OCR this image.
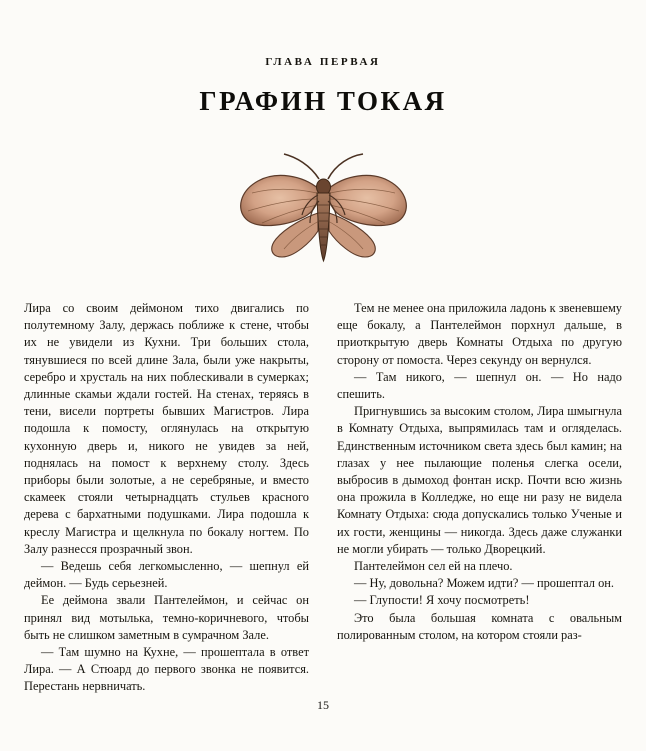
ГЛАВА ПЕРВАЯ
ГРАФИН ТОКАЯ

Лира со своим деймоном тихо двигались по полутемному Залу, держась поближе к стене, чтобы их не увидели из Кухни. Три больших стола, тянувшиеся по всей длине Зала, были уже накрыты, серебро и хрусталь на них поблескивали в сумерках; длинные скамьи ждали гостей. На стенах, теряясь в тени, висели портреты бывших Магистров. Лира подошла к помосту, оглянулась на открытую кухонную дверь и, никого не увидев за ней, поднялась на помост к верхнему столу. Здесь приборы были золотые, а не серебряные, и вместо скамеек стояли четырнадцать стульев красного дерева с бархатными подушками. Лира подошла к креслу Магистра и щелкнула по бокалу ногтем. По Залу разнесся прозрачный звон.

— Ведешь себя легкомысленно, — шепнул ей деймон. — Будь серьезней.

Ее деймона звали Пантелеймон, и сейчас он принял вид мотылька, темно-коричневого, чтобы быть не слишком заметным в сумрачном Зале.

— Там шумно на Кухне, — прошептала в ответ Лира. — А Стюард до первого звонка не появится. Перестань нервничать.

Тем не менее она приложила ладонь к звеневшему еще бокалу, а Пантелеймон порхнул дальше, в приоткрытую дверь Комнаты Отдыха по другую сторону от помоста. Через секунду он вернулся.

— Там никого, — шепнул он. — Но надо спешить.

Пригнувшись за высоким столом, Лира шмыгнула в Комнату Отдыха, выпрямилась там и огляделась. Единственным источником света здесь был камин; на глазах у нее пылающие поленья слегка осели, выбросив в дымоход фонтан искр. Почти всю жизнь она прожила в Колледже, но еще ни разу не видела Комнату Отдыха: сюда допускались только Ученые и их гости, женщины — никогда. Здесь даже служанки не могли убирать — только Дворецкий.

Пантелеймон сел ей на плечо.

— Ну, довольна? Можем идти? — прошептал он.

— Глупости! Я хочу посмотреть!

Это была большая комната с овальным полированным столом, на котором стояли раз-

15
